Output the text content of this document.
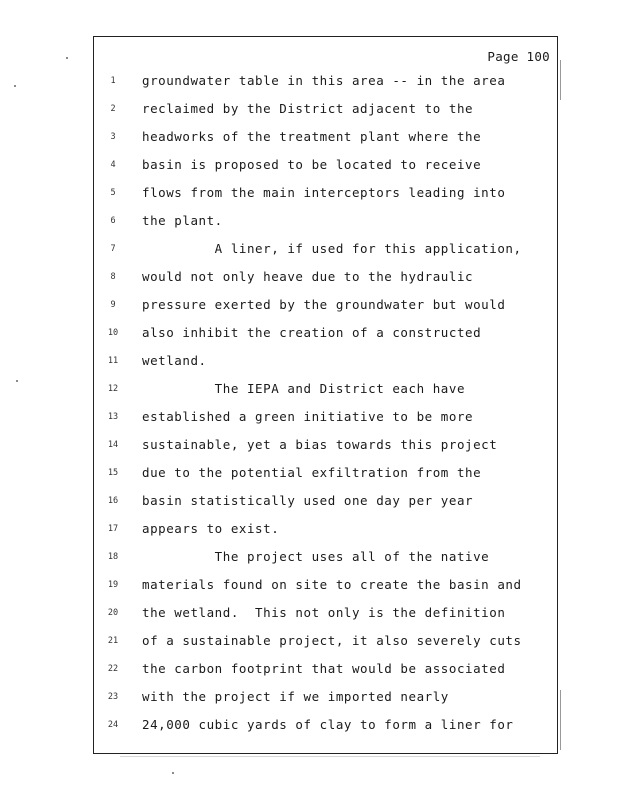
Page 100
1	groundwater table in this area -- in the area
2	reclaimed by the District adjacent to the
3	headworks of the treatment plant where the
4	basin is proposed to be located to receive
5	flows from the main interceptors leading into
6	the plant.
7	A liner, if used for this application,
8	would not only heave due to the hydraulic
9	pressure exerted by the groundwater but would
10	also inhibit the creation of a constructed
11	wetland.
12	The IEPA and District each have
13	established a green initiative to be more
14	sustainable, yet a bias towards this project
15	due to the potential exfiltration from the
16	basin statistically used one day per year
17	appears to exist.
18	The project uses all of the native
19	materials found on site to create the basin and
20	the wetland.  This not only is the definition
21	of a sustainable project, it also severely cuts
22	the carbon footprint that would be associated
23	with the project if we imported nearly
24	24,000 cubic yards of clay to form a liner for
